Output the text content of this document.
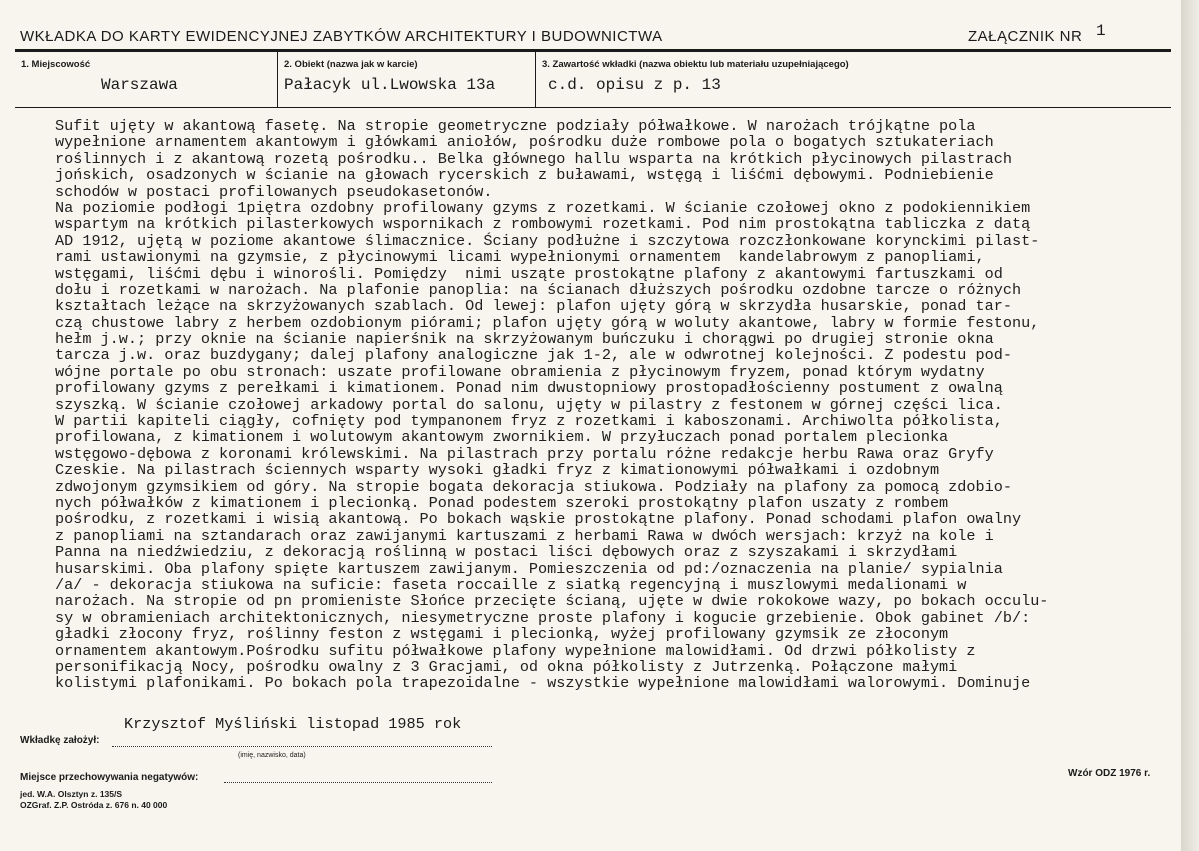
WKŁADKA DO KARTY EWIDENCYJNEJ ZABYTKÓW ARCHITEKTURY I BUDOWNICTWA	ZAŁĄCZNIK NR 1
1. Miejscowość
Warszawa
2. Obiekt (nazwa jak w karcie)
Pałacyk ul.Lwowska 13a
3. Zawartość wkładki (nazwa obiektu lub materiału uzupełniającego)
c.d. opisu z p. 13
Sufit ujęty w akantową fasetę. Na stropie geometryczne podziały półwałkowe. W narożach trójkątne pola
wypełnione arnamentem akantowym i główkami aniołów, pośrodku duże rombowe pola o bogatych sztukateriach
roślinnych i z akantową rozetą pośrodku.. Belka głównego hallu wsparta na krótkich płycinowych pilastrach
jońskich, osadzonych w ścianie na głowach rycerskich z buławami, wstęgą i liśćmi dębowymi. Podniebienie
schodów w postaci profilowanych pseudokasetonów.
Na poziomie podłogi 1piętra ozdobny profilowany gzyms z rozetkami. W ścianie czołowej okno z podokiennikiem
wspartym na krótkich pilasterkowych wspornikach z rombowymi rozetkami. Pod nim prostokątna tabliczka z datą
AD 1912, ujętą w poziome akantowe ślimacznice. Ściany podłużne i szczytowa rozczłonkowane korynckimi pilast-
rami ustawionymi na gzymsie, z płycinowymi licami wypełnionymi ornamentem  kandelabrowym z panopliami,
wstęgami, liśćmi dębu i winorośli. Pomiędzy  nimi usząte prostokątne plafony z akantowymi fartuszkami od
dołu i rozetkami w narożach. Na plafonie panoplia: na ścianach dłuższych pośrodku ozdobne tarcze o różnych
kształtach leżące na skrzyżowanych szablach. Od lewej: plafon ujęty górą w skrzydła husarskie, ponad tar-
czą chustowe labry z herbem ozdobionym piórami; plafon ujęty górą w woluty akantowe, labry w formie festonu,
hełm j.w.; przy oknie na ścianie napierśnik na skrzyżowanym buńczuku i chorągwi po drugiej stronie okna
tarcza j.w. oraz buzdygany; dalej plafony analogiczne jak 1-2, ale w odwrotnej kolejności. Z podestu pod-
wójne portale po obu stronach: uszate profilowane obramienia z płycinowym fryzem, ponad którym wydatny
profilowany gzyms z perełkami i kimationem. Ponad nim dwustopniowy prostopadłościenny postument z owalną
szyszką. W ścianie czołowej arkadowy portal do salonu, ujęty w pilastry z festonem w górnej części lica.
W partii kapiteli ciągły, cofnięty pod tympanonem fryz z rozetkami i kaboszonami. Archiwolta półkolista,
profilowana, z kimationem i wolutowym akantowym zwornikiem. W przyłuczach ponad portalem plecionka
wstęgowo-dębowa z koronami królewskimi. Na pilastrach przy portalu różne redakcje herbu Rawa oraz Gryfy
Czeskie. Na pilastrach ściennych wsparty wysoki gładki fryz z kimationowymi półwałkami i ozdobnym
zdwojonym gzymsikiem od góry. Na stropie bogata dekoracja stiukowa. Podziały na plafony za pomocą zdobio-
nych półwałków z kimationem i plecionką. Ponad podestem szeroki prostokątny plafon uszaty z rombem
pośrodku, z rozetkami i wisią akantową. Po bokach wąskie prostokątne plafony. Ponad schodami plafon owalny
z panopliami na sztandarach oraz zawijanymi kartuszami z herbami Rawa w dwóch wersjach: krzyż na kole i
Panna na niedźwiedziu, z dekoracją roślinną w postaci liści dębowych oraz z szyszakami i skrzydłami
husarskimi. Oba plafony spięte kartuszem zawijanym. Pomieszczenia od pd:/oznaczenia na planie/ sypialnia
/a/ - dekoracja stiukowa na suficie: faseta roccaille z siatką regencyjną i muszlowymi medalionami w
narożach. Na stropie od pn promieniste Słońce przecięte ścianą, ujęte w dwie rokokowe wazy, po bokach occulu-
sy w obramieniach architektonicznych, niesymetryczne proste plafony i kogucie grzebienie. Obok gabinet /b/:
gładki złocony fryz, roślinny feston z wstęgami i plecionką, wyżej profilowany gzymsik ze złoconym
ornamentem akantowym.Pośrodku sufitu półwałkowe plafony wypełnione malowidłami. Od drzwi półkolisty z
personifikacją Nocy, pośrodku owalny z 3 Gracjami, od okna półkolisty z Jutrzenką. Połączone małymi
kolistymi plafonikami. Po bokach pola trapezoidalne - wszystkie wypełnione malowidłami walorowymi. Dominuje
Krzysztof Myśliński listopad 1985 rok
Wkładkę założył:
(imię, nazwisko, data)
Miejsce przechowywania negatywów:	Wzór ODZ 1976 r.
jed. W.A. Olsztyn z. 135/S
OZGraf. Z.P. Ostróda z. 676 n. 40 000
